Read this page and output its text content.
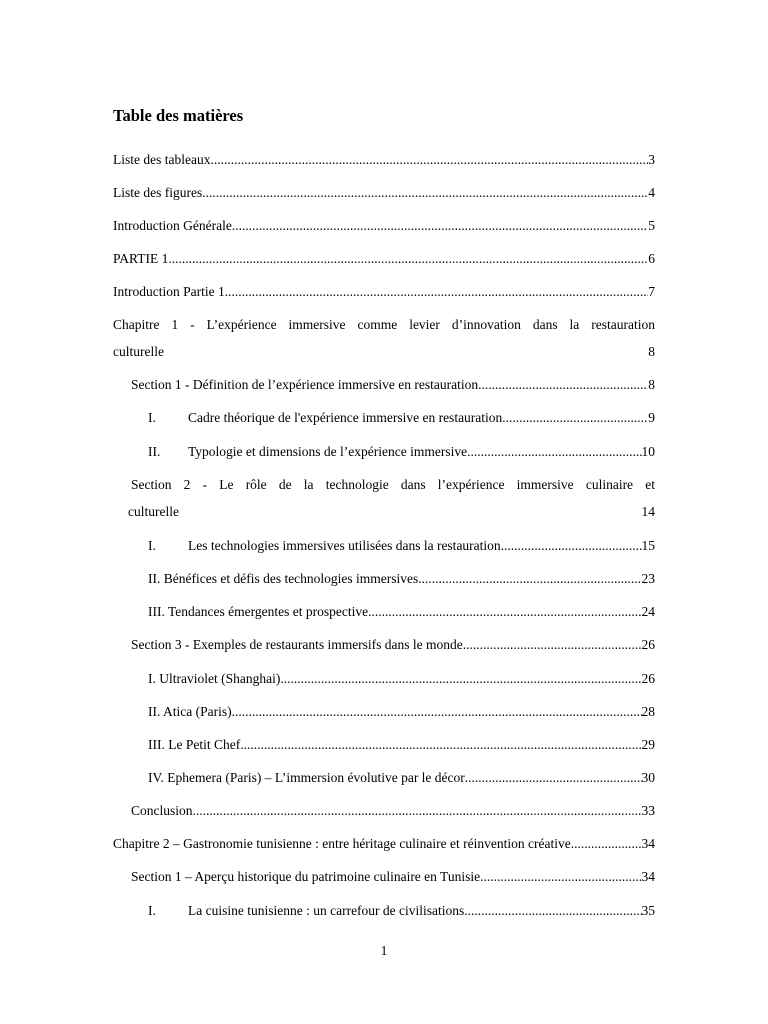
Table des matières
Liste des tableaux .....	3
Liste des figures .....	4
Introduction Générale .....	5
PARTIE 1 .....	6
Introduction Partie 1 .....	7
Chapitre 1 - L’expérience immersive comme levier d’innovation dans la restauration
culturelle	8
Section 1 - Définition de l’expérience immersive en restauration .....	8
I.	Cadre théorique de l'expérience immersive en restauration .....	9
II.	Typologie et dimensions de l’expérience immersive .....	10
Section 2 - Le rôle de la technologie dans l’expérience immersive culinaire et
culturelle	14
I.	Les technologies immersives utilisées dans la restauration .....	15
II. Bénéfices et défis des technologies immersives .....	23
III. Tendances émergentes et prospective .....	24
Section 3 - Exemples de restaurants immersifs dans le monde .....	26
I. Ultraviolet (Shanghai) .....	26
II. Atica (Paris) .....	28
III. Le Petit Chef .....	29
IV. Ephemera (Paris) – L’immersion évolutive par le décor .....	30
Conclusion .....	33
Chapitre 2 – Gastronomie tunisienne : entre héritage culinaire et réinvention créative .....	34
Section 1 – Aperçu historique du patrimoine culinaire en Tunisie .....	34
I.	La cuisine tunisienne : un carrefour de civilisations .....	35
1
